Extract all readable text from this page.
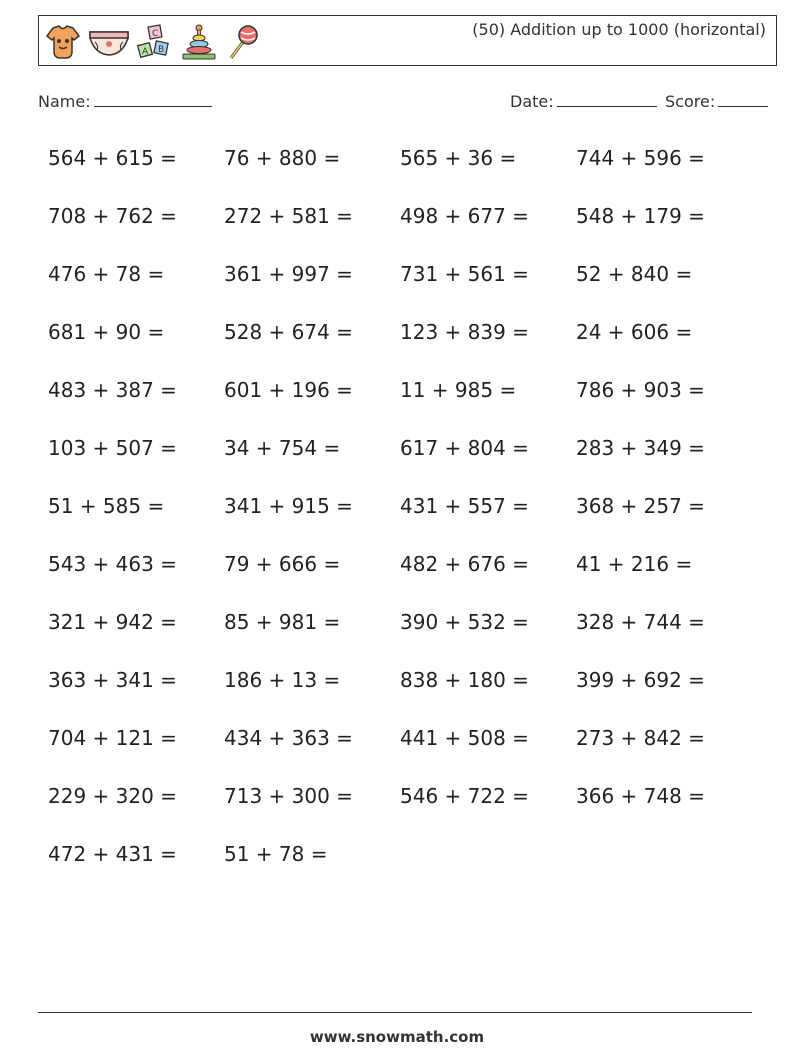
C
A B
(50) Addition up to 1000 (horizontal)
Name:	Date:	Score:
564 + 615 = 76 + 880 =	565 + 36 =	744 + 596 =
708 + 762 = 272 + 581 = 498 + 677 = 548 + 179 =
476 + 78 =	361 + 997 = 731 + 561 = 52 + 840 =
681 + 90 =	528 + 674 = 123 + 839 = 24 + 606 =
483 + 387 = 601 + 196 = 11 + 985 =	786 + 903 =
103 + 507 = 34 + 754 =	617 + 804 = 283 + 349 =
51 + 585 =	341 + 915 = 431 + 557 = 368 + 257 =
543 + 463 = 79 + 666 =	482 + 676 = 41 + 216 =
321 + 942 = 85 + 981 =	390 + 532 = 328 + 744 =
363 + 341 = 186 + 13 =	838 + 180 = 399 + 692 =
704 + 121 = 434 + 363 = 441 + 508 = 273 + 842 =
229 + 320 = 713 + 300 = 546 + 722 = 366 + 748 =
472 + 431 = 51 + 78 =
www.snowmath.com
